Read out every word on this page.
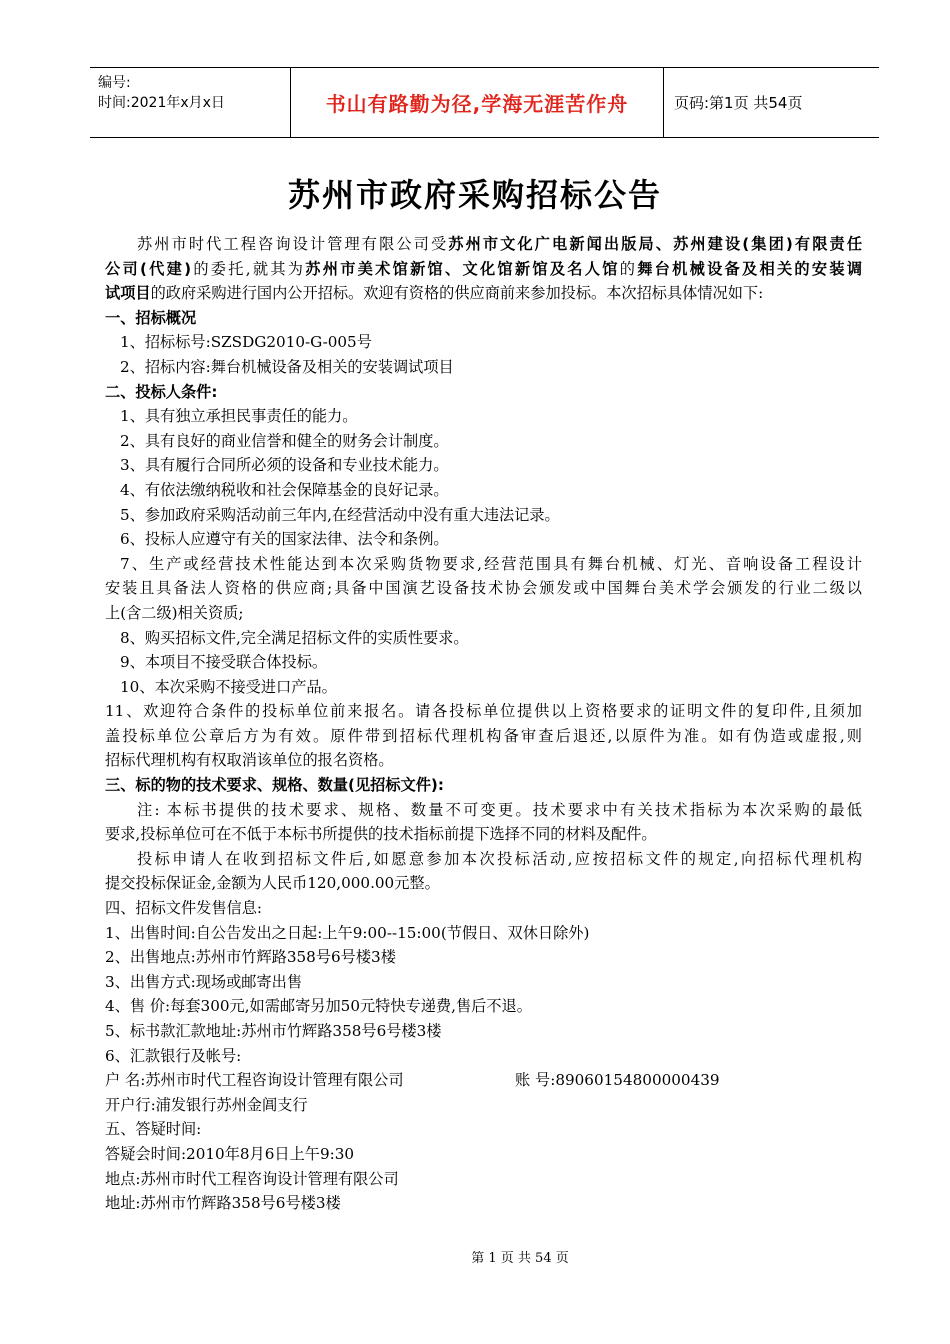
编号:
时间:2021年x月x日	书山有路勤为径,学海无涯苦作舟	页码:第1页 共54页
苏州市政府采购招标公告
苏州市时代工程咨询设计管理有限公司受苏州市文化广电新闻出版局、苏州建设(集团)有限责任
公司(代建)的委托,就其为苏州市美术馆新馆、文化馆新馆及名人馆的舞台机械设备及相关的安装调
试项目的政府采购进行国内公开招标。欢迎有资格的供应商前来参加投标。本次招标具体情况如下:
一、招标概况
1、招标标号:SZSDG2010-G-005号
2、招标内容:舞台机械设备及相关的安装调试项目
二、投标人条件:
1、具有独立承担民事责任的能力。
2、具有良好的商业信誉和健全的财务会计制度。
3、具有履行合同所必须的设备和专业技术能力。
4、有依法缴纳税收和社会保障基金的良好记录。
5、参加政府采购活动前三年内,在经营活动中没有重大违法记录。
6、投标人应遵守有关的国家法律、法令和条例。
7、生产或经营技术性能达到本次采购货物要求,经营范围具有舞台机械、灯光、音响设备工程设计
安装且具备法人资格的供应商;具备中国演艺设备技术协会颁发或中国舞台美术学会颁发的行业二级以
上(含二级)相关资质;
8、购买招标文件,完全满足招标文件的实质性要求。
9、本项目不接受联合体投标。
10、本次采购不接受进口产品。
11、欢迎符合条件的投标单位前来报名。请各投标单位提供以上资格要求的证明文件的复印件,且须加
盖投标单位公章后方为有效。原件带到招标代理机构备审查后退还,以原件为准。如有伪造或虚报,则
招标代理机构有权取消该单位的报名资格。
三、标的物的技术要求、规格、数量(见招标文件):
注: 本标书提供的技术要求、规格、数量不可变更。技术要求中有关技术指标为本次采购的最低
要求,投标单位可在不低于本标书所提供的技术指标前提下选择不同的材料及配件。
投标申请人在收到招标文件后,如愿意参加本次投标活动,应按招标文件的规定,向招标代理机构
提交投标保证金,金额为人民币120,000.00元整。
四、招标文件发售信息:
1、出售时间:自公告发出之日起:上午9:00--15:00(节假日、双休日除外)
2、出售地点:苏州市竹辉路358号6号楼3楼
3、出售方式:现场或邮寄出售
4、售 价:每套300元,如需邮寄另加50元特快专递费,售后不退。
5、标书款汇款地址:苏州市竹辉路358号6号楼3楼
6、汇款银行及帐号:
户 名:苏州市时代工程咨询设计管理有限公司	账 号:89060154800000439
开户行:浦发银行苏州金阊支行
五、答疑时间:
答疑会时间:2010年8月6日上午9:30
地点:苏州市时代工程咨询设计管理有限公司
地址:苏州市竹辉路358号6号楼3楼
第 1 页 共 54 页
